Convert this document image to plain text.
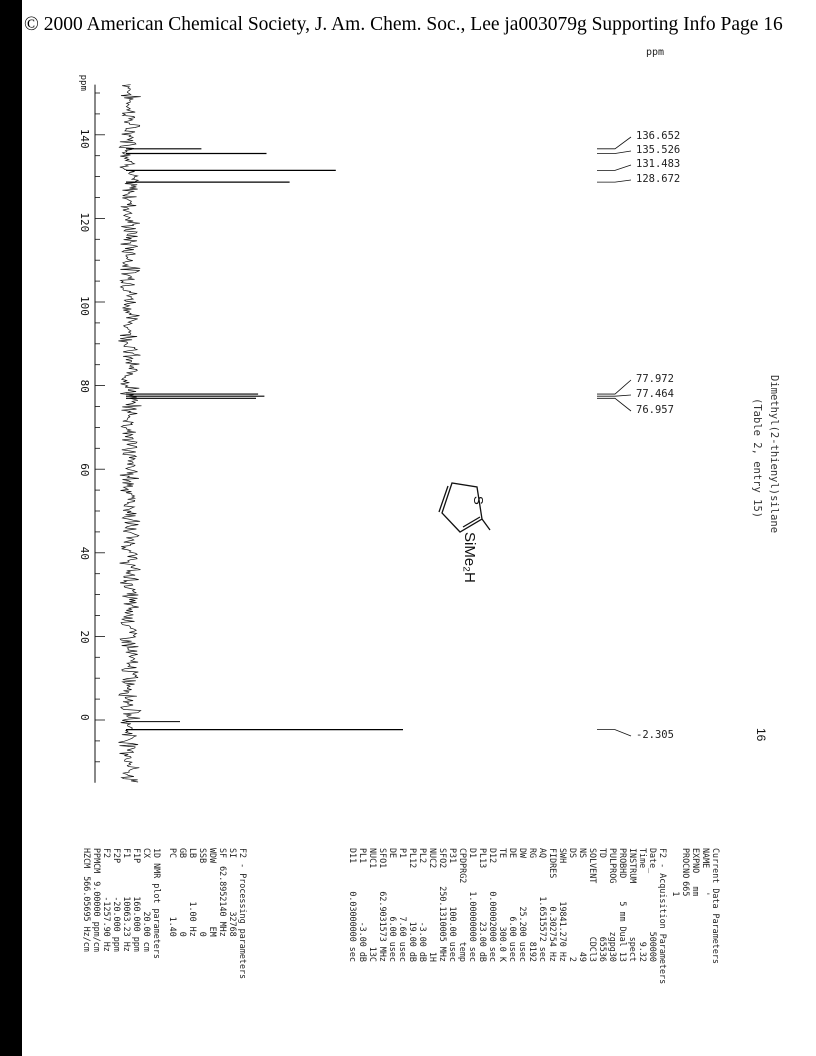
© 2000 American Chemical Society, J. Am. Chem. Soc., Lee ja003079g Supporting Info Page 16
140
120
100
80
60
40
20
0
ppm
ppm
136.652
135.526
131.483
128.672
77.972
77.464
76.957
-2.305
S
SiMe₂H
Dimethyl(2-thienyl)silane
(Table 2, entry 15)
16
Current Data Parameters
NAME	'
EXPNO	mm
PROCNO	665
	1
F2 - Acquisition Parameters
Date_	500000
Time	9.32
INSTRUM	spect
PROBHD	5 mm Dual 13
PULPROG	zgpg30
TD	65536
SOLVENT	CDCl3
NS	49
DS	2
SWH	19841.270 Hz
FIDRES	0.302754 Hz
AQ	1.6515572 sec
RG	8192
DW	25.200 usec
DE	6.00 usec
TE	300.0 K
D12	0.00002000 sec
PL13	23.00 dB
D1	1.00000000 sec
CPDPRG2	temp
P31	100.00 usec
SFO2	250.1310005 MHz
NUC2	1H
PL2	-3.00 dB
PL12	19.00 dB
P1	7.60 usec
DE	6.00 usec
SFO1	62.9031573 MHz
NUC1	13C
PL1	-3.00 dB
D11	0.03000000 sec
F2 - Processing parameters
SI	32768
SF	62.8952140 MHz
WDW	EM
SSB	0
LB	1.00 Hz
GB	0
PC	1.40
1D NMR plot parameters
CX	20.00 cm
F1P	160.000 ppm
F1	10063.23 Hz
F2P	-20.000 ppm
F2	-1257.90 Hz
PPMCM	9.00000 ppm/cm
HZCM	566.05695 Hz/cm
